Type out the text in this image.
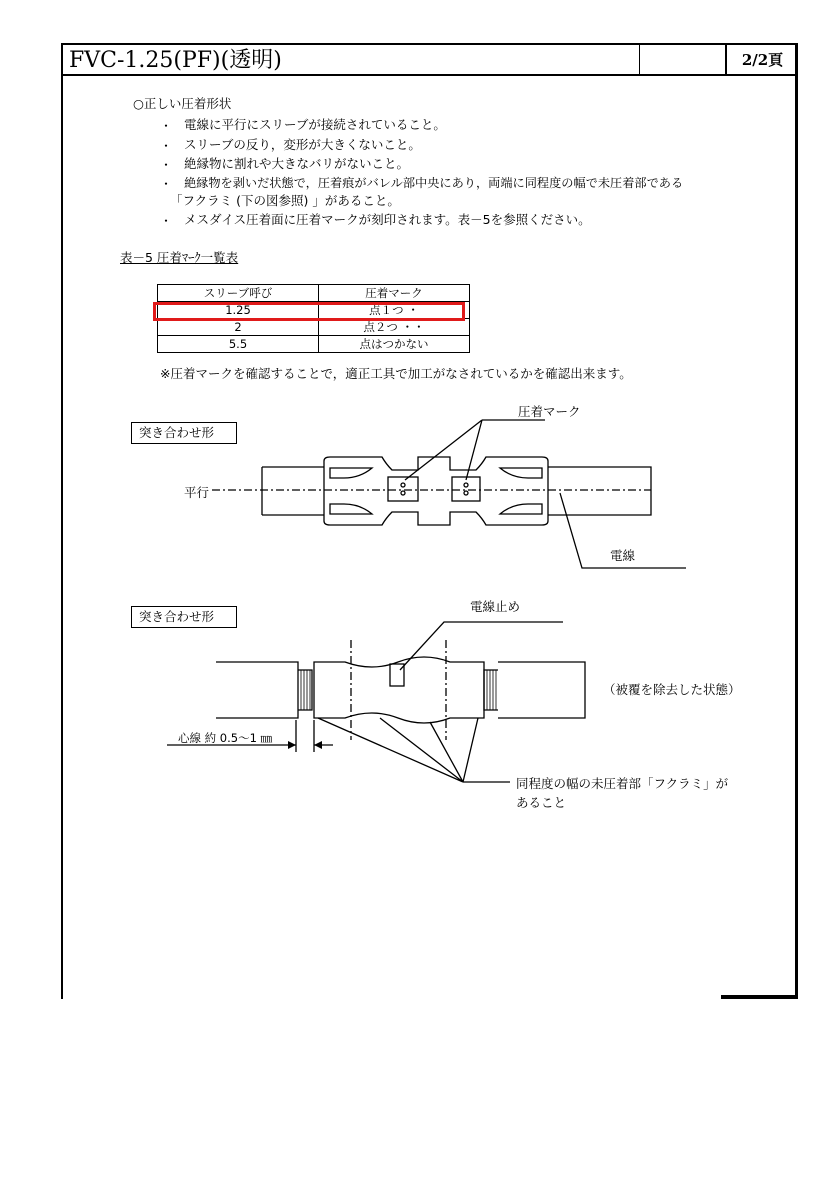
FVC-1.25(PF)(透明)	2/2頁
○正しい圧着形状
・ 電線に平行にスリーブが接続されていること。
・ スリーブの反り，変形が大きくないこと。
・ 絶縁物に割れや大きなバリがないこと。
・ 絶縁物を剥いだ状態で，圧着痕がバレル部中央にあり，両端に同程度の幅で未圧着部である
「フクラミ (下の図参照) 」があること。
・ メスダイス圧着面に圧着マークが刻印されます。表－5を参照ください。
表－5 圧着ﾏｰｸ一覧表
スリーブ呼び	圧着マーク
1.25	点１つ ・
2	点２つ ・・
5.5	点はつかない
※圧着マークを確認することで，適正工具で加工がなされているかを確認出来ます。
突き合わせ形
圧着マーク
平行
電線
突き合わせ形
電線止め
（被覆を除去した状態）
心線 約 0.5～1 ㎜
同程度の幅の未圧着部「フクラミ」が
あること
